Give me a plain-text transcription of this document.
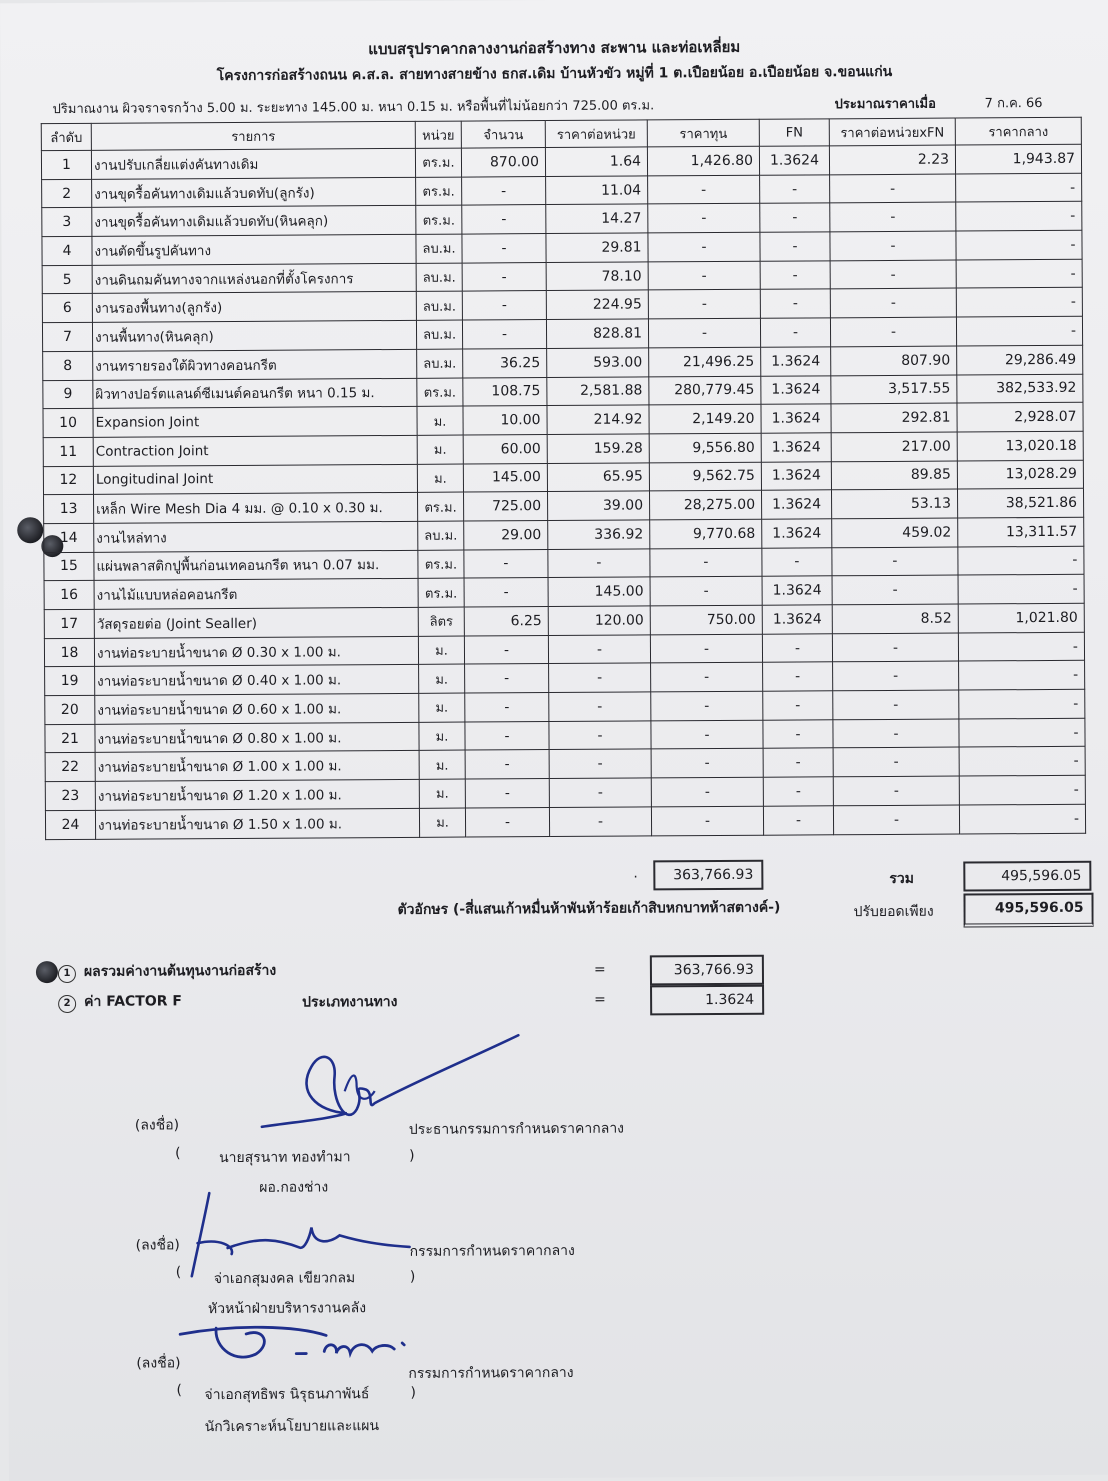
แบบสรุปราคากลางงานก่อสร้างทาง สะพาน และท่อเหลี่ยม
โครงการก่อสร้างถนน ค.ส.ล. สายทางสายข้าง ธกส.เดิม บ้านหัวขัว หมู่ที่ 1 ต.เปือยน้อย อ.เปือยน้อย จ.ขอนแก่น
ปริมาณงาน ผิวจราจรกว้าง 5.00 ม. ระยะทาง 145.00 ม. หนา 0.15 ม. หรือพื้นที่ไม่น้อยกว่า 725.00 ตร.ม.	ประมาณราคาเมื่อ	7 ก.ค. 66
ลำดับ	รายการ	หน่วย	จำนวน	ราคาต่อหน่วย	ราคาทุน	FN	ราคาต่อหน่วยxFN	ราคากลาง
1	งานปรับเกลี่ยแต่งคันทางเดิม	ตร.ม.	870.00	1.64	1,426.80	1.3624	2.23	1,943.87
2	งานขุดรื้อคันทางเดิมแล้วบดทับ(ลูกรัง)	ตร.ม.	-	11.04	-	-	-	-
3	งานขุดรื้อคันทางเดิมแล้วบดทับ(หินคลุก)	ตร.ม.	-	14.27	-	-	-	-
4	งานตัดขึ้นรูปคันทาง	ลบ.ม.	-	29.81	-	-	-	-
5	งานดินถมคันทางจากแหล่งนอกที่ตั้งโครงการ	ลบ.ม.	-	78.10	-	-	-	-
6	งานรองพื้นทาง(ลูกรัง)	ลบ.ม.	-	224.95	-	-	-	-
7	งานพื้นทาง(หินคลุก)	ลบ.ม.	-	828.81	-	-	-	-
8	งานทรายรองใต้ผิวทางคอนกรีต	ลบ.ม.	36.25	593.00	21,496.25	1.3624	807.90	29,286.49
9	ผิวทางปอร์ตแลนด์ซีเมนต์คอนกรีต หนา 0.15 ม.	ตร.ม.	108.75	2,581.88	280,779.45	1.3624	3,517.55	382,533.92
10	Expansion Joint	ม.	10.00	214.92	2,149.20	1.3624	292.81	2,928.07
11	Contraction Joint	ม.	60.00	159.28	9,556.80	1.3624	217.00	13,020.18
12	Longitudinal Joint	ม.	145.00	65.95	9,562.75	1.3624	89.85	13,028.29
13	เหล็ก Wire Mesh Dia 4 มม. @ 0.10 x 0.30 ม.	ตร.ม.	725.00	39.00	28,275.00	1.3624	53.13	38,521.86
14	งานไหล่ทาง	ลบ.ม.	29.00	336.92	9,770.68	1.3624	459.02	13,311.57
15	แผ่นพลาสติกปูพื้นก่อนเทคอนกรีต หนา 0.07 มม.	ตร.ม.	-	-	-	-	-	-
16	งานไม้แบบหล่อคอนกรีต	ตร.ม.	-	145.00	-	1.3624	-	-
17	วัสดุรอยต่อ (Joint Sealler)	ลิตร	6.25	120.00	750.00	1.3624	8.52	1,021.80
18	งานท่อระบายน้ำขนาด Ø 0.30 x 1.00 ม.	ม.	-	-	-	-	-	-
19	งานท่อระบายน้ำขนาด Ø 0.40 x 1.00 ม.	ม.	-	-	-	-	-	-
20	งานท่อระบายน้ำขนาด Ø 0.60 x 1.00 ม.	ม.	-	-	-	-	-	-
21	งานท่อระบายน้ำขนาด Ø 0.80 x 1.00 ม.	ม.	-	-	-	-	-	-
22	งานท่อระบายน้ำขนาด Ø 1.00 x 1.00 ม.	ม.	-	-	-	-	-	-
23	งานท่อระบายน้ำขนาด Ø 1.20 x 1.00 ม.	ม.	-	-	-	-	-	-
24	งานท่อระบายน้ำขนาด Ø 1.50 x 1.00 ม.	ม.	-	-	-	-	-	-
.	363,766.93	รวม	495,596.05
ตัวอักษร (-สี่แสนเก้าหมื่นห้าพันห้าร้อยเก้าสิบหกบาทห้าสตางค์-)	ปรับยอดเพียง	495,596.05
1 ผลรวมค่างานต้นทุนงานก่อสร้าง	=	363,766.93
2 ค่า FACTOR F	ประเภทงานทาง	=	1.3624
(ลงชื่อ)
(	นายสุรนาท ทองทำมา	)
ประธานกรรมการกำหนดราคากลาง
ผอ.กองช่าง
(ลงชื่อ)
( จ่าเอกสุมงคล เขียวกลม	)
กรรมการกำหนดราคากลาง
หัวหน้าฝ่ายบริหารงานคลัง
(ลงชื่อ)
( จ่าเอกสุทธิพร นิรุธนภาพันธ์	)
กรรมการกำหนดราคากลาง
นักวิเคราะห์นโยบายและแผน
